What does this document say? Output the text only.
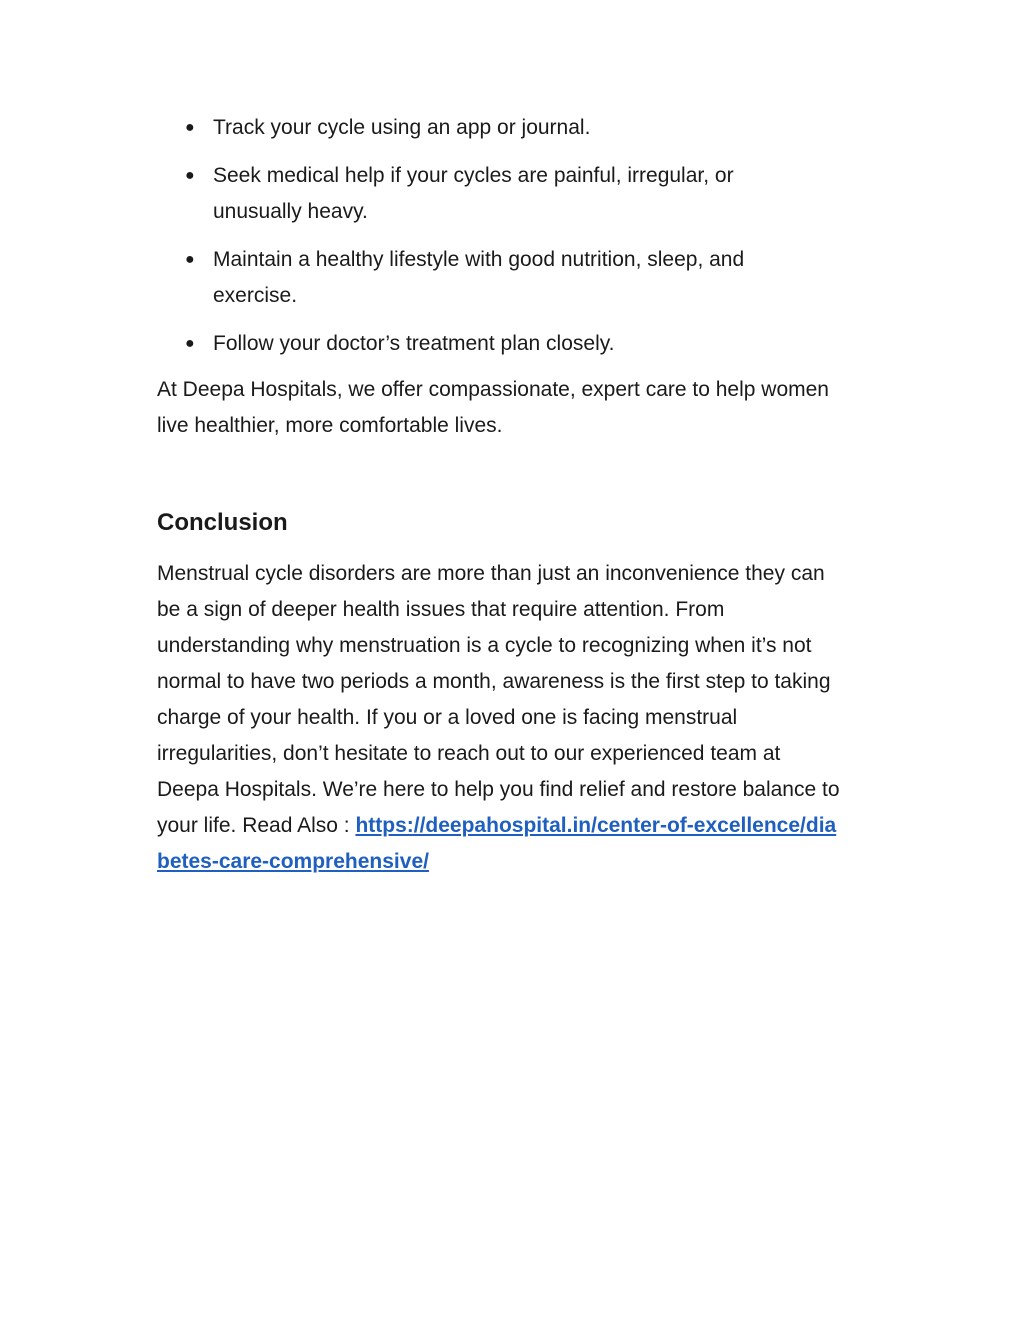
● Track your cycle using an app or journal.
● Seek medical help if your cycles are painful, irregular, or unusually heavy.
● Maintain a healthy lifestyle with good nutrition, sleep, and exercise.
● Follow your doctor’s treatment plan closely.

At Deepa Hospitals, we offer compassionate, expert care to help women live healthier, more comfortable lives.

Conclusion

Menstrual cycle disorders are more than just an inconvenience they can be a sign of deeper health issues that require attention. From understanding why menstruation is a cycle to recognizing when it’s not normal to have two periods a month, awareness is the first step to taking charge of your health. If you or a loved one is facing menstrual irregularities, don’t hesitate to reach out to our experienced team at Deepa Hospitals. We’re here to help you find relief and restore balance to your life. Read Also : https://deepahospital.in/center-of-excellence/diabetes-care-comprehensive/
